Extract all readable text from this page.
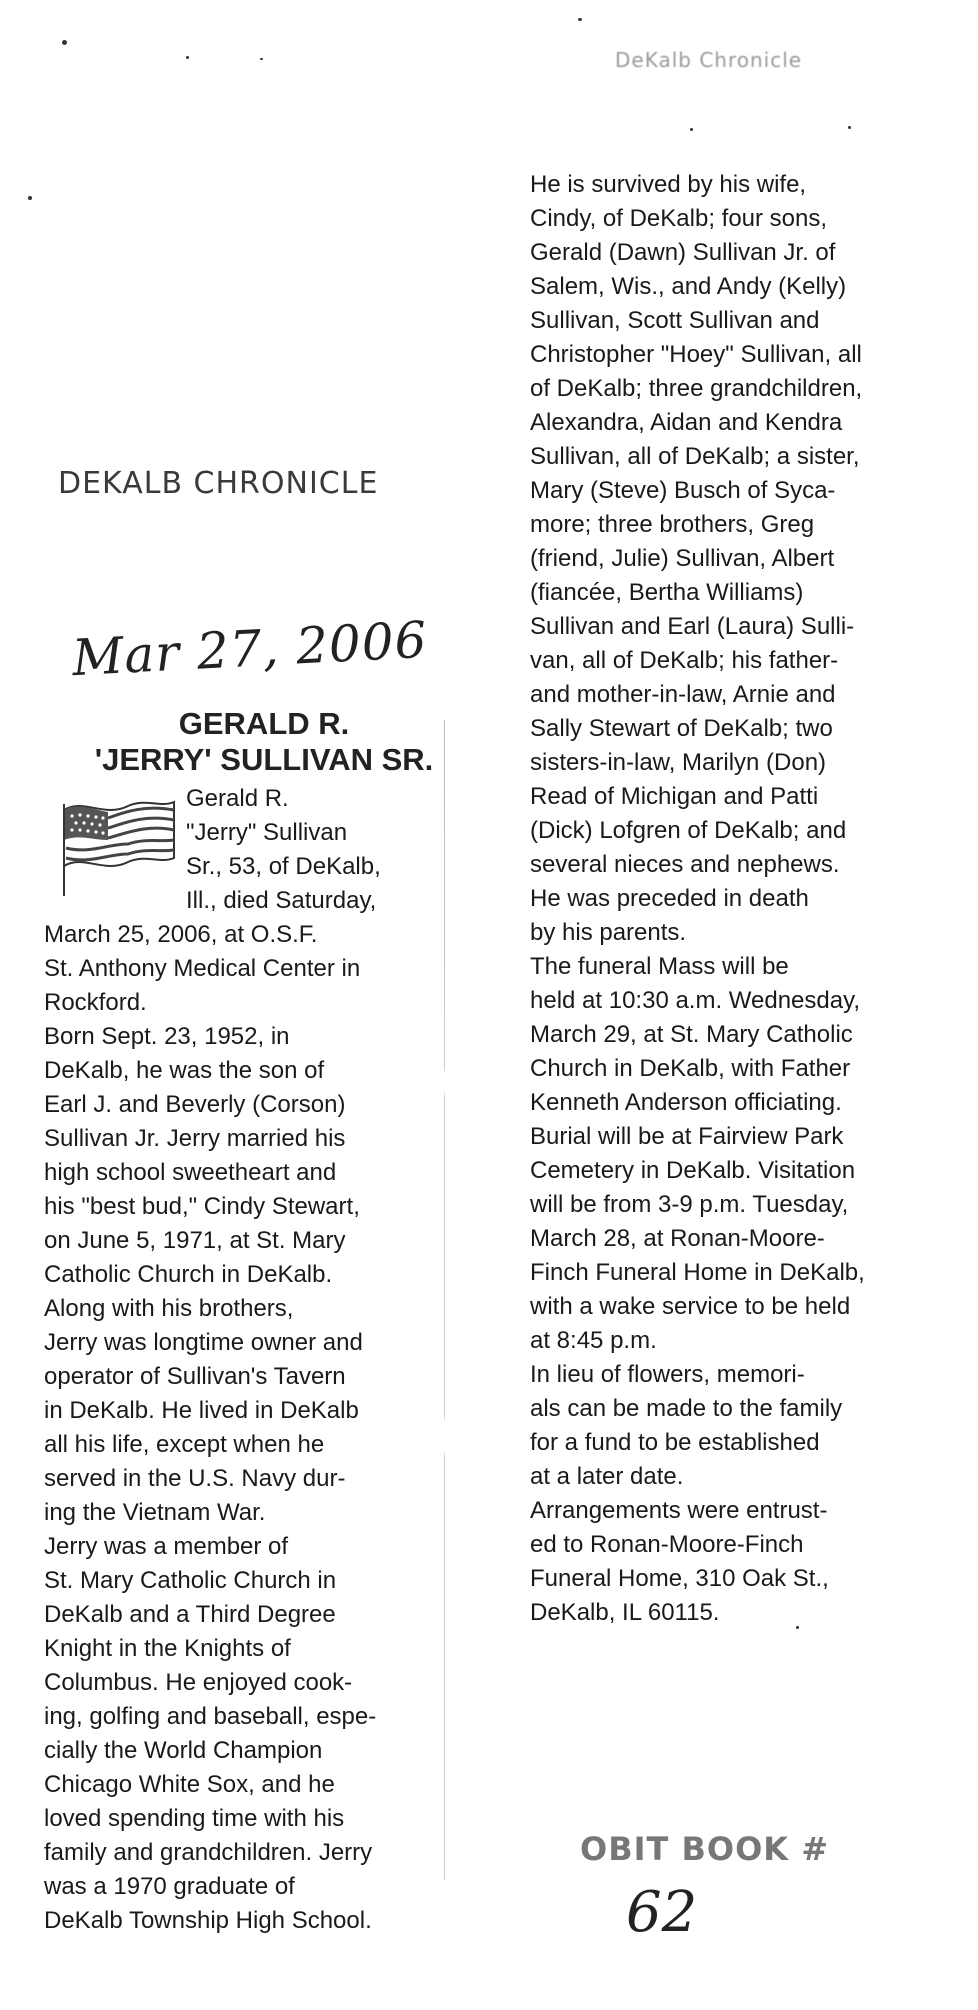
DeKalb Chronicle
DEKALB CHRONICLE
Mar 27, 2006
GERALD R.
'JERRY' SULLIVAN SR.

Gerald R.
"Jerry" Sullivan
Sr., 53, of DeKalb,
Ill., died Saturday,

March 25, 2006, at O.S.F.
St. Anthony Medical Center in
Rockford.

Born Sept. 23, 1952, in
DeKalb, he was the son of
Earl J. and Beverly (Corson)
Sullivan Jr. Jerry married his
high school sweetheart and
his "best bud," Cindy Stewart,
on June 5, 1971, at St. Mary
Catholic Church in DeKalb.

Along with his brothers,
Jerry was longtime owner and
operator of Sullivan's Tavern
in DeKalb. He lived in DeKalb
all his life, except when he
served in the U.S. Navy dur-
ing the Vietnam War.

Jerry was a member of
St. Mary Catholic Church in
DeKalb and a Third Degree
Knight in the Knights of
Columbus. He enjoyed cook-
ing, golfing and baseball, espe-
cially the World Champion
Chicago White Sox, and he
loved spending time with his
family and grandchildren. Jerry
was a 1970 graduate of
DeKalb Township High School.

He is survived by his wife,
Cindy, of DeKalb; four sons,
Gerald (Dawn) Sullivan Jr. of
Salem, Wis., and Andy (Kelly)
Sullivan, Scott Sullivan and
Christopher "Hoey" Sullivan, all
of DeKalb; three grandchildren,
Alexandra, Aidan and Kendra
Sullivan, all of DeKalb; a sister,
Mary (Steve) Busch of Syca-
more; three brothers, Greg
(friend, Julie) Sullivan, Albert
(fiancée, Bertha Williams)
Sullivan and Earl (Laura) Sulli-
van, all of DeKalb; his father-
and mother-in-law, Arnie and
Sally Stewart of DeKalb; two
sisters-in-law, Marilyn (Don)
Read of Michigan and Patti
(Dick) Lofgren of DeKalb; and
several nieces and nephews.

He was preceded in death
by his parents.

The funeral Mass will be
held at 10:30 a.m. Wednesday,
March 29, at St. Mary Catholic
Church in DeKalb, with Father
Kenneth Anderson officiating.
Burial will be at Fairview Park
Cemetery in DeKalb. Visitation
will be from 3-9 p.m. Tuesday,
March 28, at Ronan-Moore-
Finch Funeral Home in DeKalb,
with a wake service to be held
at 8:45 p.m.

In lieu of flowers, memori-
als can be made to the family
for a fund to be established
at a later date.

Arrangements were entrust-
ed to Ronan-Moore-Finch
Funeral Home, 310 Oak St.,
DeKalb, IL 60115.

OBIT BOOK #
62
